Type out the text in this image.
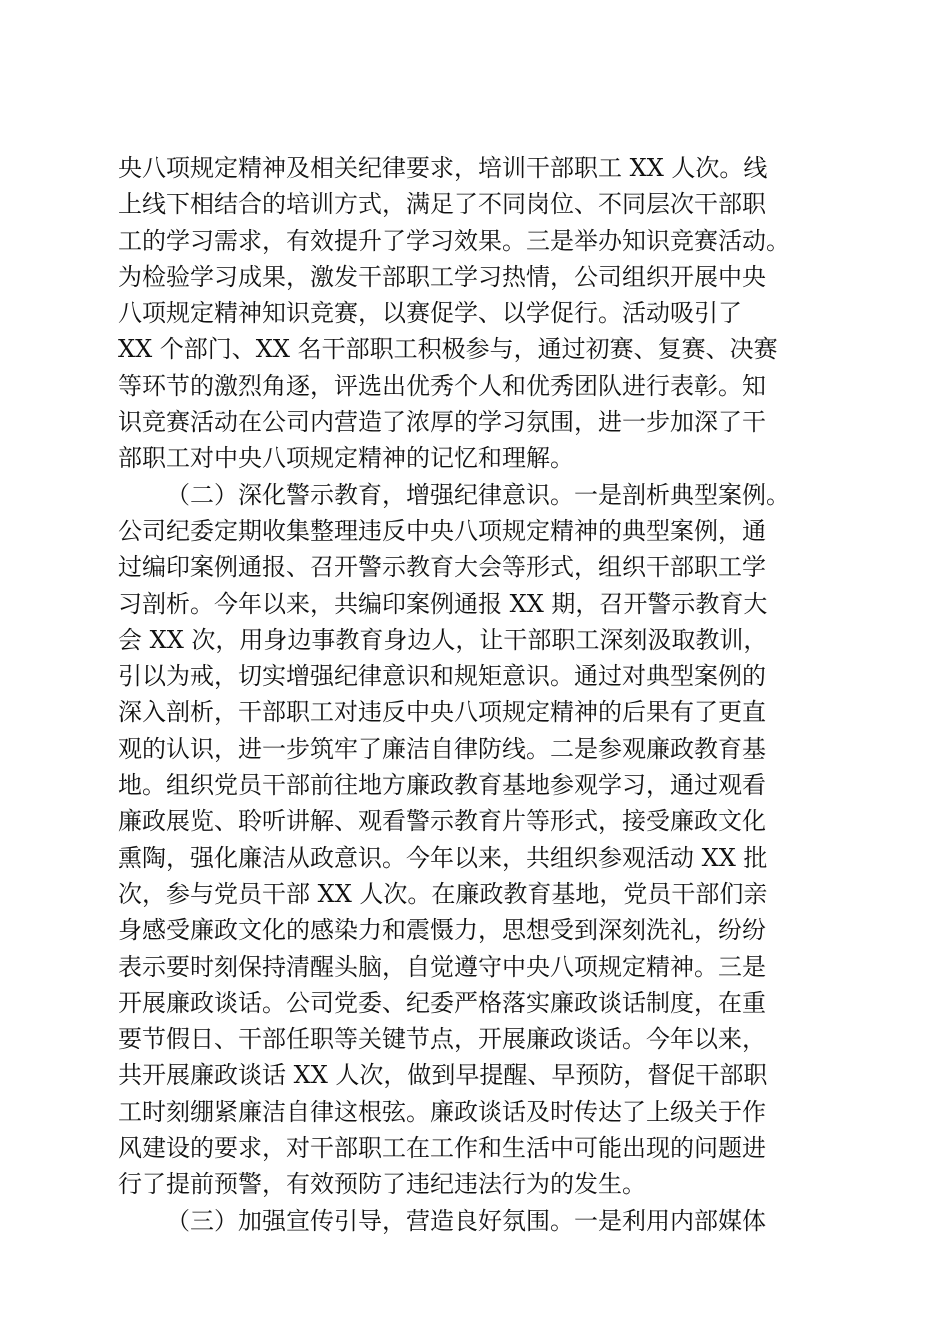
央八项规定精神及相关纪律要求，培训干部职工 XX 人次。线
上线下相结合的培训方式，满足了不同岗位、不同层次干部职
工的学习需求，有效提升了学习效果。三是举办知识竞赛活动。
为检验学习成果，激发干部职工学习热情，公司组织开展中央
八项规定精神知识竞赛，以赛促学、以学促行。活动吸引了
XX 个部门、XX 名干部职工积极参与，通过初赛、复赛、决赛
等环节的激烈角逐，评选出优秀个人和优秀团队进行表彰。知
识竞赛活动在公司内营造了浓厚的学习氛围，进一步加深了干
部职工对中央八项规定精神的记忆和理解。
（二）深化警示教育，增强纪律意识。一是剖析典型案例。
公司纪委定期收集整理违反中央八项规定精神的典型案例，通
过编印案例通报、召开警示教育大会等形式，组织干部职工学
习剖析。今年以来，共编印案例通报 XX 期，召开警示教育大
会 XX 次，用身边事教育身边人，让干部职工深刻汲取教训，
引以为戒，切实增强纪律意识和规矩意识。通过对典型案例的
深入剖析，干部职工对违反中央八项规定精神的后果有了更直
观的认识，进一步筑牢了廉洁自律防线。二是参观廉政教育基
地。组织党员干部前往地方廉政教育基地参观学习，通过观看
廉政展览、聆听讲解、观看警示教育片等形式，接受廉政文化
熏陶，强化廉洁从政意识。今年以来，共组织参观活动 XX 批
次，参与党员干部 XX 人次。在廉政教育基地，党员干部们亲
身感受廉政文化的感染力和震慑力，思想受到深刻洗礼，纷纷
表示要时刻保持清醒头脑，自觉遵守中央八项规定精神。三是
开展廉政谈话。公司党委、纪委严格落实廉政谈话制度，在重
要节假日、干部任职等关键节点，开展廉政谈话。今年以来，
共开展廉政谈话 XX 人次，做到早提醒、早预防，督促干部职
工时刻绷紧廉洁自律这根弦。廉政谈话及时传达了上级关于作
风建设的要求，对干部职工在工作和生活中可能出现的问题进
行了提前预警，有效预防了违纪违法行为的发生。
（三）加强宣传引导，营造良好氛围。一是利用内部媒体
